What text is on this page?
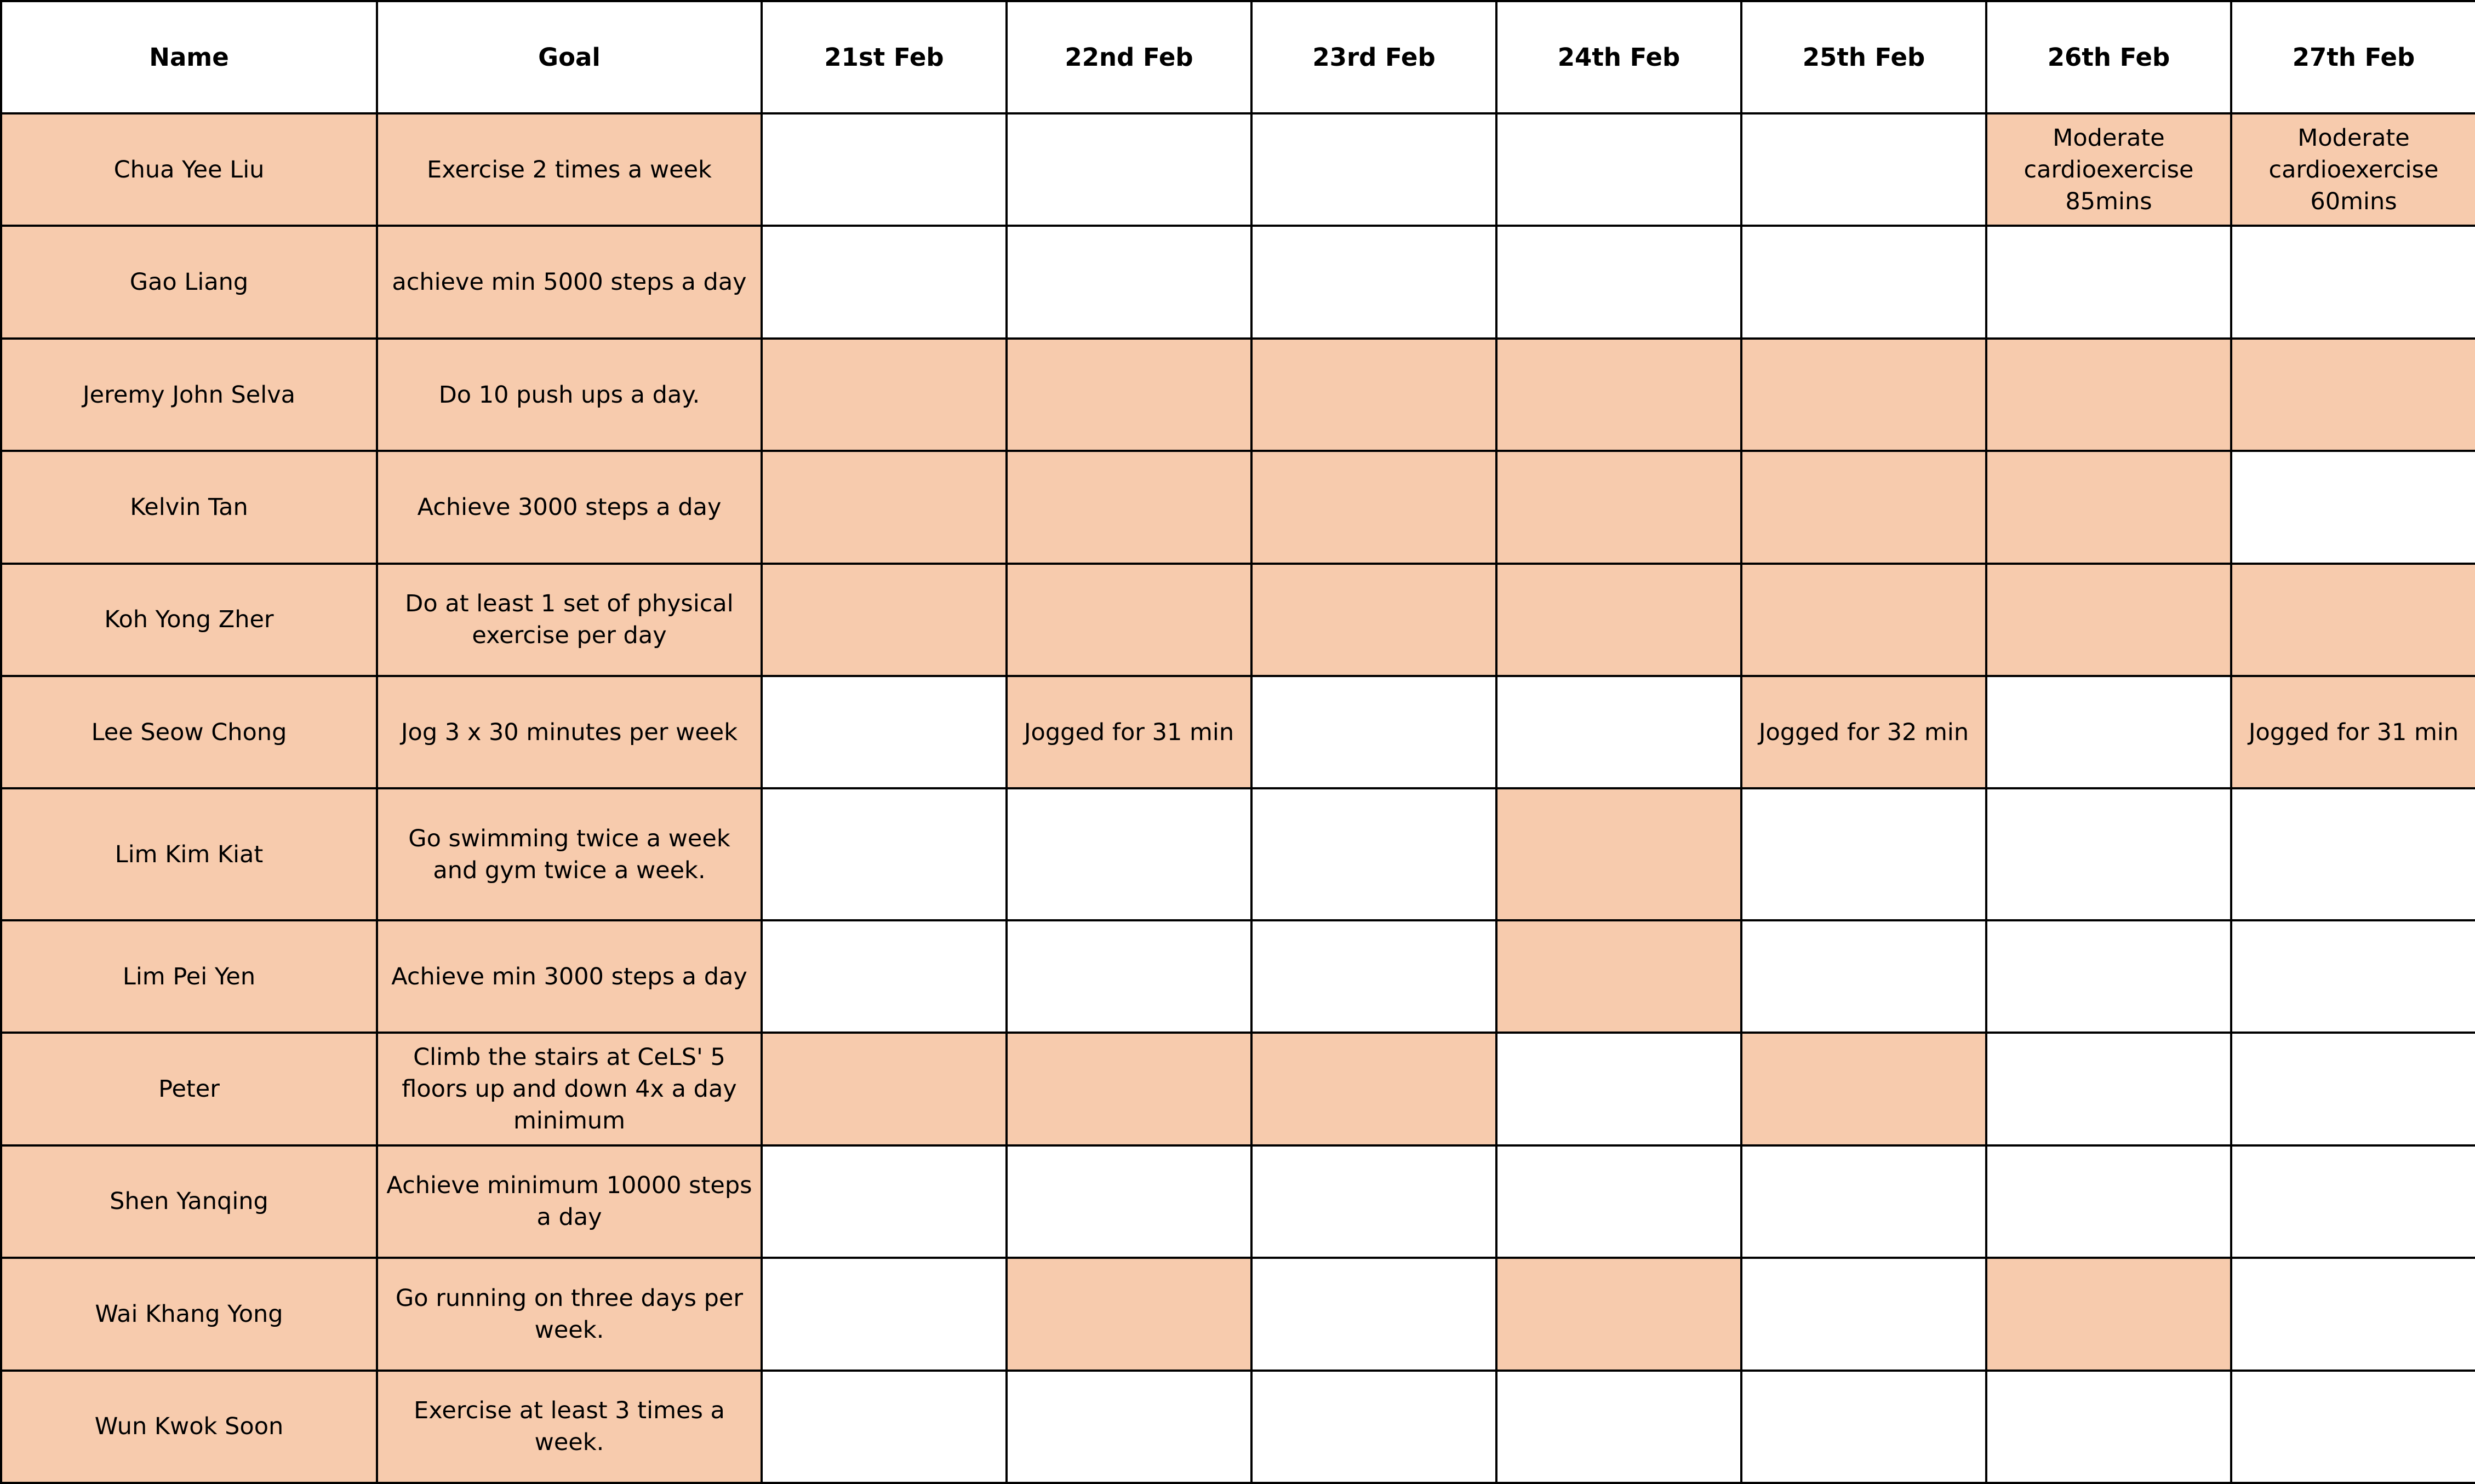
Name	Goal	21st Feb	22nd Feb	23rd Feb	24th Feb	25th Feb	26th Feb	27th Feb
Chua Yee Liu	Exercise 2 times a week						Moderate cardioexercise 85mins	Moderate cardioexercise 60mins
Gao Liang	achieve min 5000 steps a day							
Jeremy John Selva	Do 10 push ups a day.							
Kelvin Tan	Achieve 3000 steps a day							
Koh Yong Zher	Do at least 1 set of physical exercise per day							
Lee Seow Chong	Jog 3 x 30 minutes per week		Jogged for 31 min			Jogged for 32 min		Jogged for 31 min
Lim Kim Kiat	Go swimming twice a week and gym twice a week.							
Lim Pei Yen	Achieve min 3000 steps a day							
Peter	Climb the stairs at CeLS' 5 floors up and down 4x a day minimum							
Shen Yanqing	Achieve minimum 10000 steps a day							
Wai Khang Yong	Go running on three days per week.							
Wun Kwok Soon	Exercise at least 3 times a week.							
